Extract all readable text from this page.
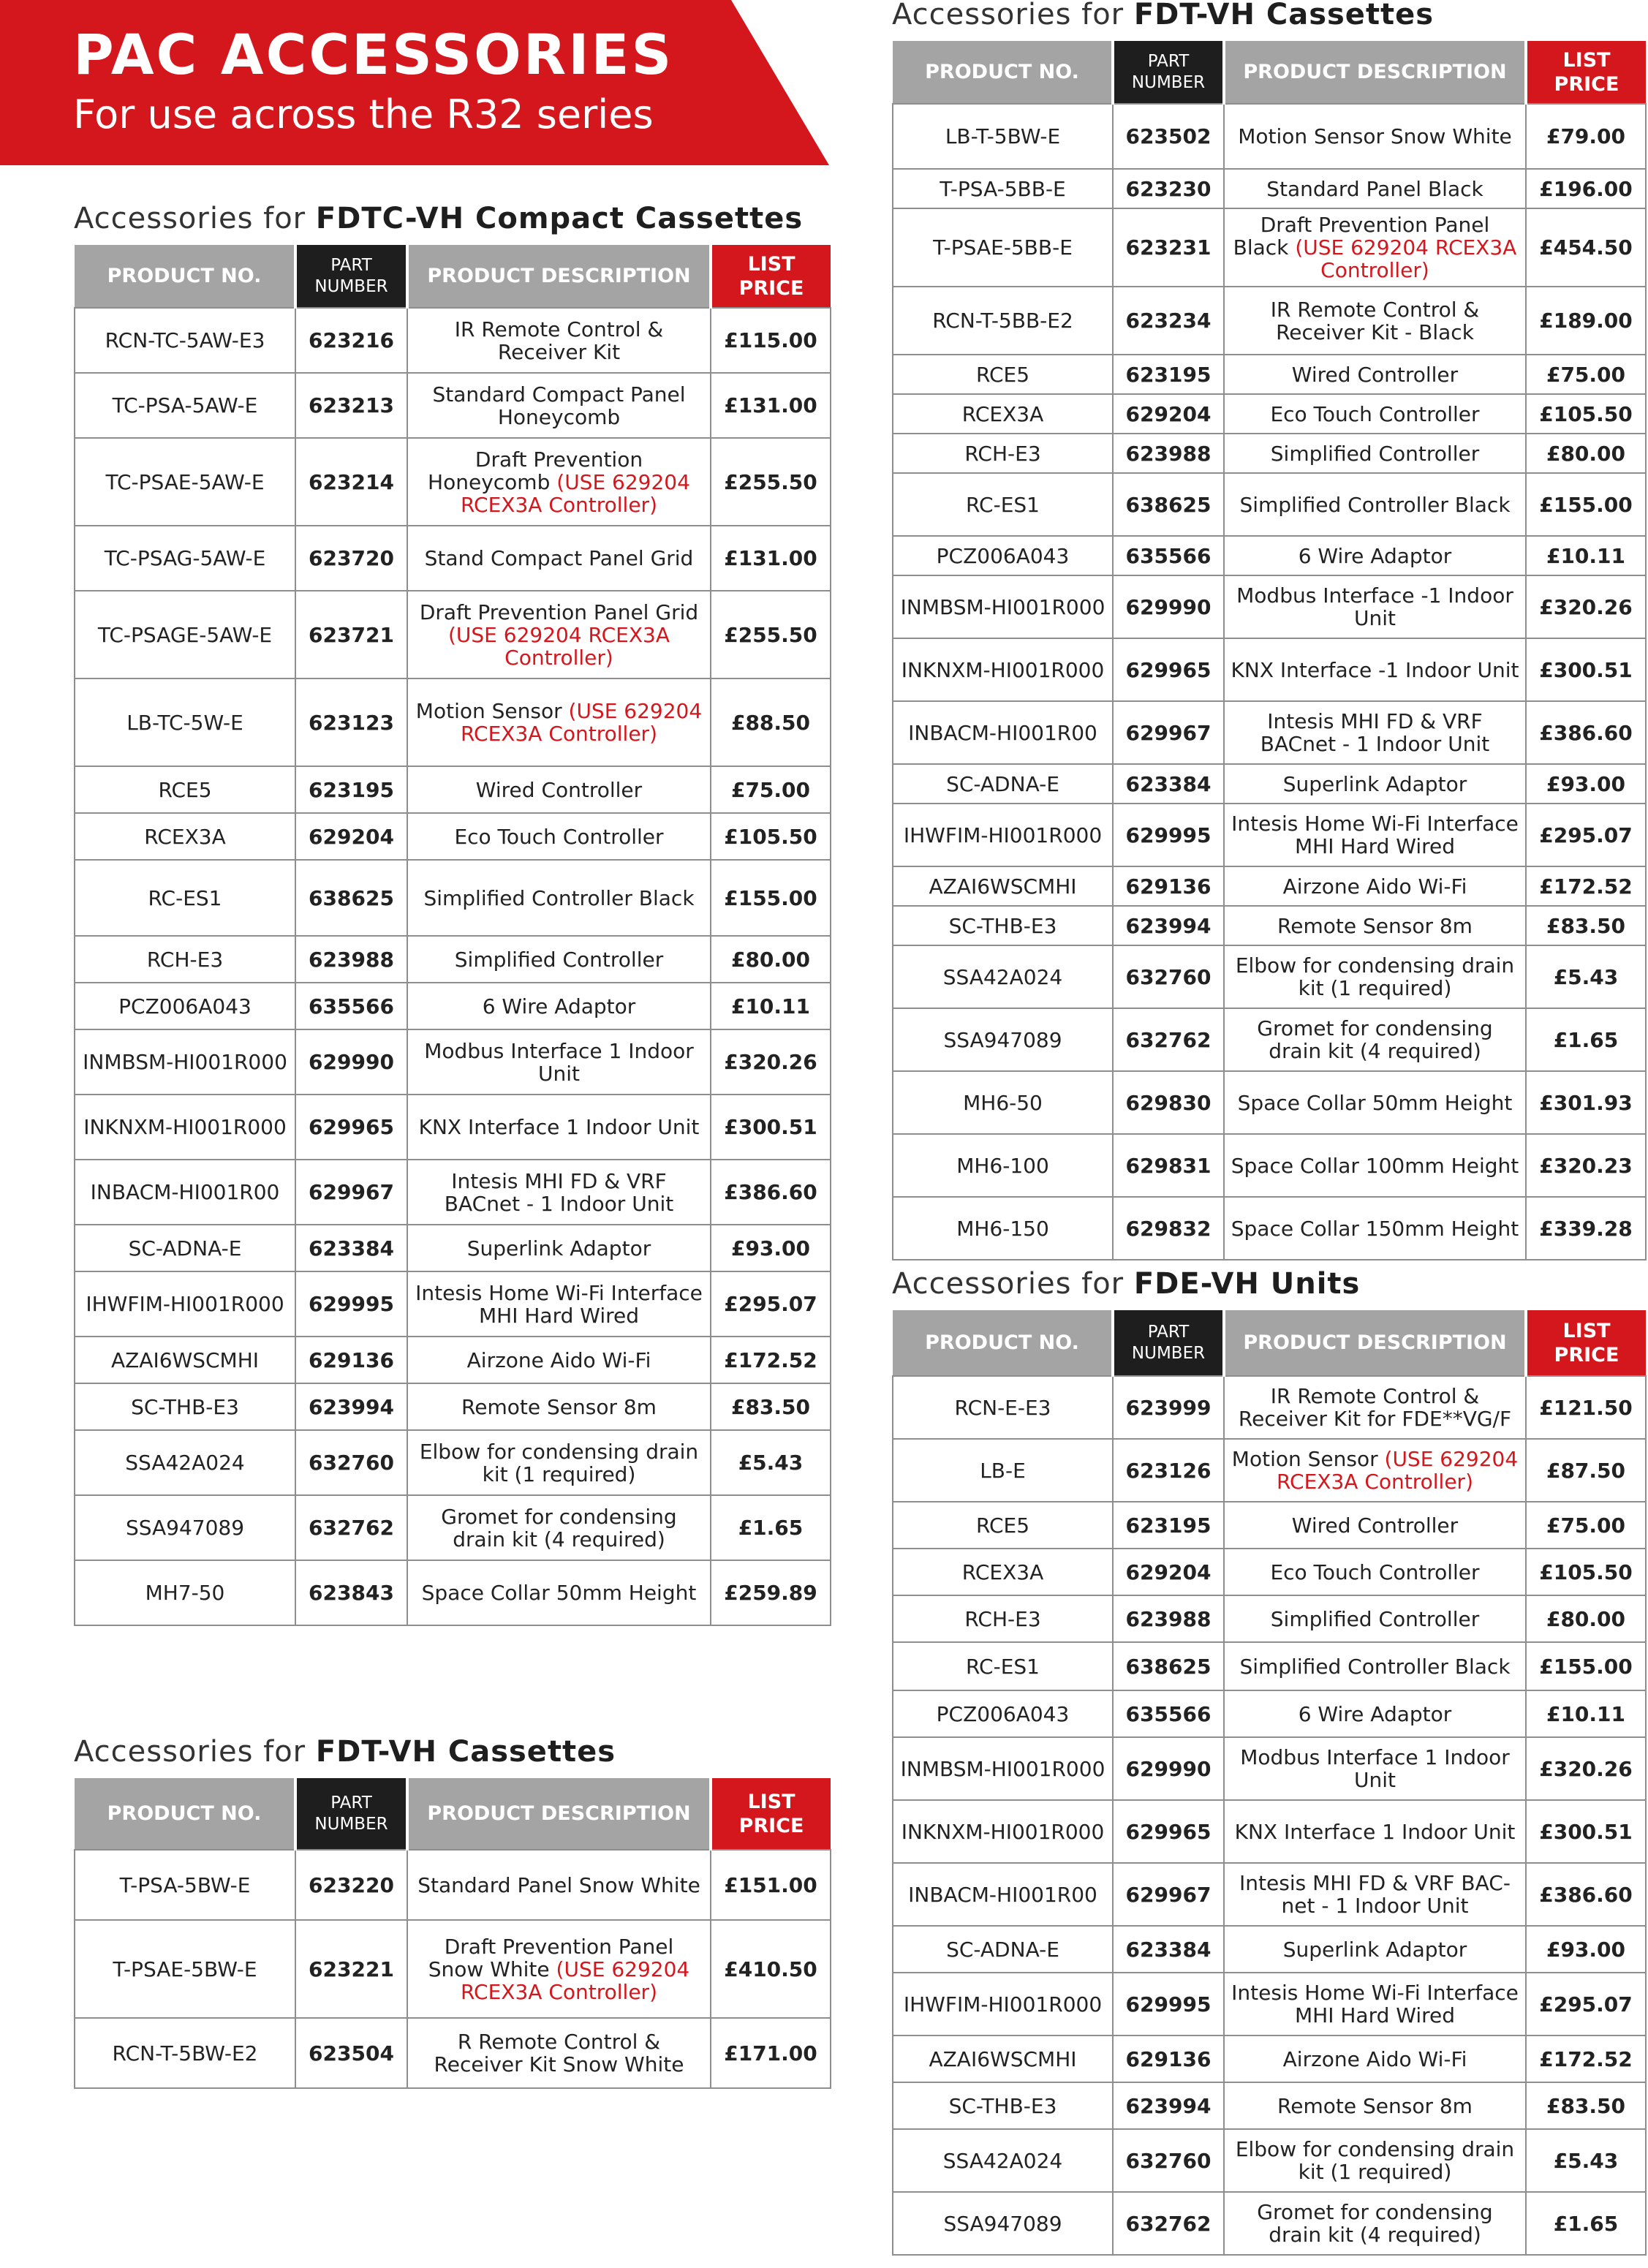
PAC ACCESSORIES

For use across the R32 series

Accessories for FDTC-VH Compact Cassettes
PRODUCT NO.	PART NUMBER	PRODUCT DESCRIPTION	LIST PRICE
RCN-TC-5AW-E3	623216	IR Remote Control & Receiver Kit	£115.00
TC-PSA-5AW-E	623213	Standard Compact Panel Honeycomb	£131.00
TC-PSAE-5AW-E	623214	Draft Prevention Honeycomb (USE 629204 RCEX3A Controller)	£255.50
TC-PSAG-5AW-E	623720	Stand Compact Panel Grid	£131.00
TC-PSAGE-5AW-E	623721	Draft Prevention Panel Grid (USE 629204 RCEX3A Controller)	£255.50
LB-TC-5W-E	623123	Motion Sensor (USE 629204 RCEX3A Controller)	£88.50
RCE5	623195	Wired Controller	£75.00
RCEX3A	629204	Eco Touch Controller	£105.50
RC-ES1	638625	Simplified Controller Black	£155.00
RCH-E3	623988	Simplified Controller	£80.00
PCZ006A043	635566	6 Wire Adaptor	£10.11
INMBSM-HI001R000	629990	Modbus Interface 1 Indoor Unit	£320.26
INKNXM-HI001R000	629965	KNX Interface 1 Indoor Unit	£300.51
INBACM-HI001R00	629967	Intesis MHI FD & VRF BACnet - 1 Indoor Unit	£386.60
SC-ADNA-E	623384	Superlink Adaptor	£93.00
IHWFIM-HI001R000	629995	Intesis Home Wi-Fi Interface MHI Hard Wired	£295.07
AZAI6WSCMHI	629136	Airzone Aido Wi-Fi	£172.52
SC-THB-E3	623994	Remote Sensor 8m	£83.50
SSA42A024	632760	Elbow for condensing drain kit (1 required)	£5.43
SSA947089	632762	Gromet for condensing drain kit (4 required)	£1.65
MH7-50	623843	Space Collar 50mm Height	£259.89
Accessories for FDT-VH Cassettes
PRODUCT NO.	PART NUMBER	PRODUCT DESCRIPTION	LIST PRICE
T-PSA-5BW-E	623220	Standard Panel Snow White	£151.00
T-PSAE-5BW-E	623221	Draft Prevention Panel Snow White (USE 629204 RCEX3A Controller)	£410.50
RCN-T-5BW-E2	623504	R Remote Control & Receiver Kit Snow White	£171.00
Accessories for FDT-VH Cassettes
PRODUCT NO.	PART NUMBER	PRODUCT DESCRIPTION	LIST PRICE
LB-T-5BW-E	623502	Motion Sensor Snow White	£79.00
T-PSA-5BB-E	623230	Standard Panel Black	£196.00
T-PSAE-5BB-E	623231	Draft Prevention Panel Black (USE 629204 RCEX3A Controller)	£454.50
RCN-T-5BB-E2	623234	IR Remote Control & Receiver Kit - Black	£189.00
RCE5	623195	Wired Controller	£75.00
RCEX3A	629204	Eco Touch Controller	£105.50
RCH-E3	623988	Simplified Controller	£80.00
RC-ES1	638625	Simplified Controller Black	£155.00
PCZ006A043	635566	6 Wire Adaptor	£10.11
INMBSM-HI001R000	629990	Modbus Interface -1 Indoor Unit	£320.26
INKNXM-HI001R000	629965	KNX Interface -1 Indoor Unit	£300.51
INBACM-HI001R00	629967	Intesis MHI FD & VRF BACnet - 1 Indoor Unit	£386.60
SC-ADNA-E	623384	Superlink Adaptor	£93.00
IHWFIM-HI001R000	629995	Intesis Home Wi-Fi Interface MHI Hard Wired	£295.07
AZAI6WSCMHI	629136	Airzone Aido Wi-Fi	£172.52
SC-THB-E3	623994	Remote Sensor 8m	£83.50
SSA42A024	632760	Elbow for condensing drain kit (1 required)	£5.43
SSA947089	632762	Gromet for condensing drain kit (4 required)	£1.65
MH6-50	629830	Space Collar 50mm Height	£301.93
MH6-100	629831	Space Collar 100mm Height	£320.23
MH6-150	629832	Space Collar 150mm Height	£339.28
Accessories for FDE-VH Units
PRODUCT NO.	PART NUMBER	PRODUCT DESCRIPTION	LIST PRICE
RCN-E-E3	623999	IR Remote Control & Receiver Kit for FDE**VG/F	£121.50
LB-E	623126	Motion Sensor (USE 629204 RCEX3A Controller)	£87.50
RCE5	623195	Wired Controller	£75.00
RCEX3A	629204	Eco Touch Controller	£105.50
RCH-E3	623988	Simplified Controller	£80.00
RC-ES1	638625	Simplified Controller Black	£155.00
PCZ006A043	635566	6 Wire Adaptor	£10.11
INMBSM-HI001R000	629990	Modbus Interface 1 Indoor Unit	£320.26
INKNXM-HI001R000	629965	KNX Interface 1 Indoor Unit	£300.51
INBACM-HI001R00	629967	Intesis MHI FD & VRF BAC-net - 1 Indoor Unit	£386.60
SC-ADNA-E	623384	Superlink Adaptor	£93.00
IHWFIM-HI001R000	629995	Intesis Home Wi-Fi Interface MHI Hard Wired	£295.07
AZAI6WSCMHI	629136	Airzone Aido Wi-Fi	£172.52
SC-THB-E3	623994	Remote Sensor 8m	£83.50
SSA42A024	632760	Elbow for condensing drain kit (1 required)	£5.43
SSA947089	632762	Gromet for condensing drain kit (4 required)	£1.65
